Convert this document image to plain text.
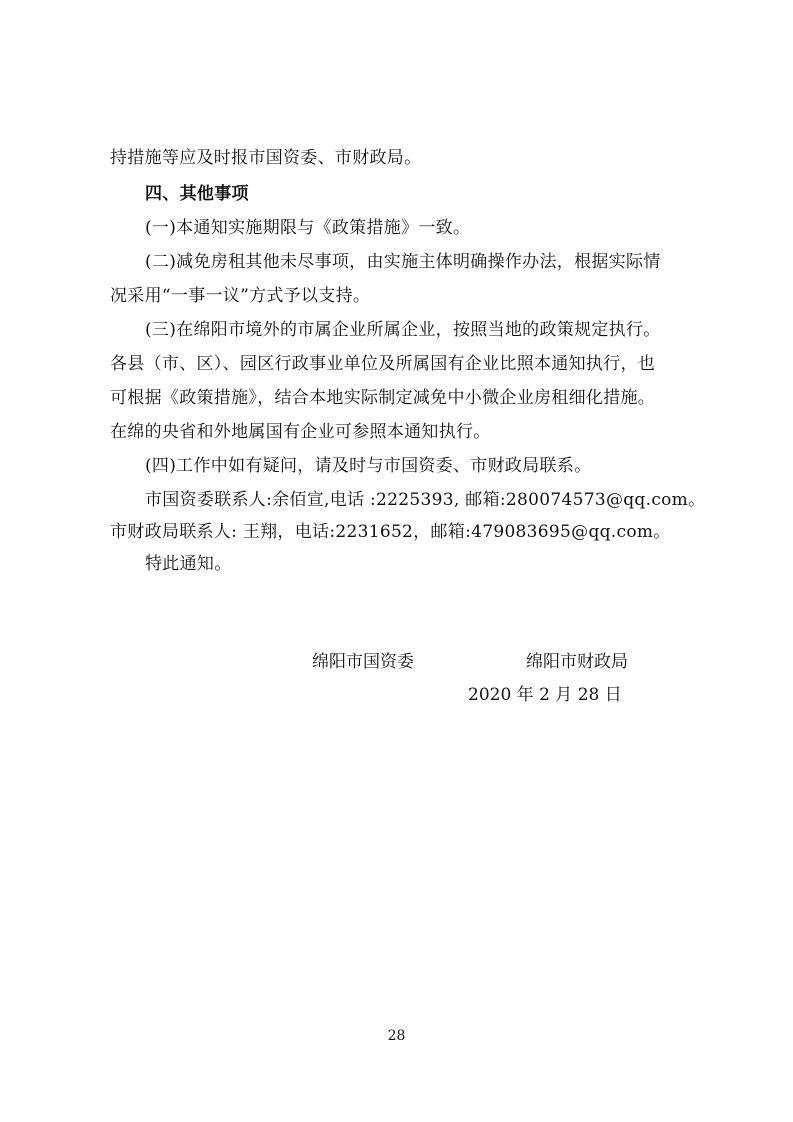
持措施等应及时报市国资委、市财政局。
四、其他事项
(一)本通知实施期限与《政策措施》一致。
(二)减免房租其他未尽事项，由实施主体明确操作办法，根据实际情
况采用“一事一议”方式予以支持。
(三)在绵阳市境外的市属企业所属企业，按照当地的政策规定执行。
各县（市、区）、园区行政事业单位及所属国有企业比照本通知执行，也
可根据《政策措施》，结合本地实际制定减免中小微企业房租细化措施。
在绵的央省和外地属国有企业可参照本通知执行。
(四)工作中如有疑问，请及时与市国资委、市财政局联系。
市国资委联系人:余佰宣,电话 :2225393, 邮箱:280074573@qq.com。
市财政局联系人: 王翔，电话:2231652，邮箱:479083695@qq.com。
特此通知。
绵阳市国资委	绵阳市财政局
2020 年 2 月 28 日
28
